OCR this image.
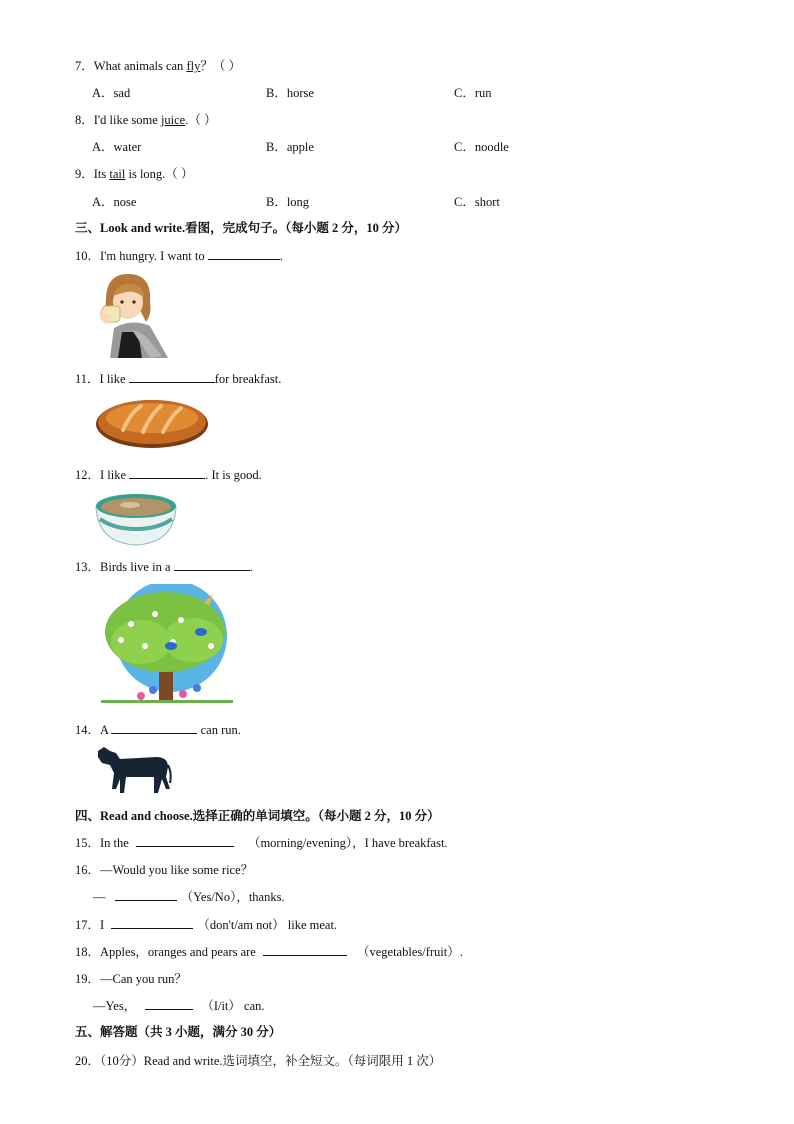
7．What animals can fly？（ ）
A．sad	B．horse	C．run
8．I'd like some juice.（ ）
A．water	B．apple	C．noodle
9．Its tail is long.（ ）
A．nose	B．long	C．short
三、Look and write.看图，完成句子。（每小题 2 分，10 分）
10．I'm hungry. I want to	.
11．I like	for breakfast.
12．I like	. It is good.
13．Birds live in a	.
14．A	can run.
四、Read and choose.选择正确的单词填空。（每小题 2 分，10 分）
15．In the	（morning/evening），I have breakfast.
16．—Would you like some rice？
—	（Yes/No），thanks.
17．I	（don't/am not） like meat.
18．Apples，oranges and pears are	（vegetables/fruit）.
19．—Can you run？
—Yes，	（I/it） can.
五、解答题（共 3 小题，满分 30 分）
20．（10分）Read and write.选词填空，补全短文。（每词限用 1 次）
